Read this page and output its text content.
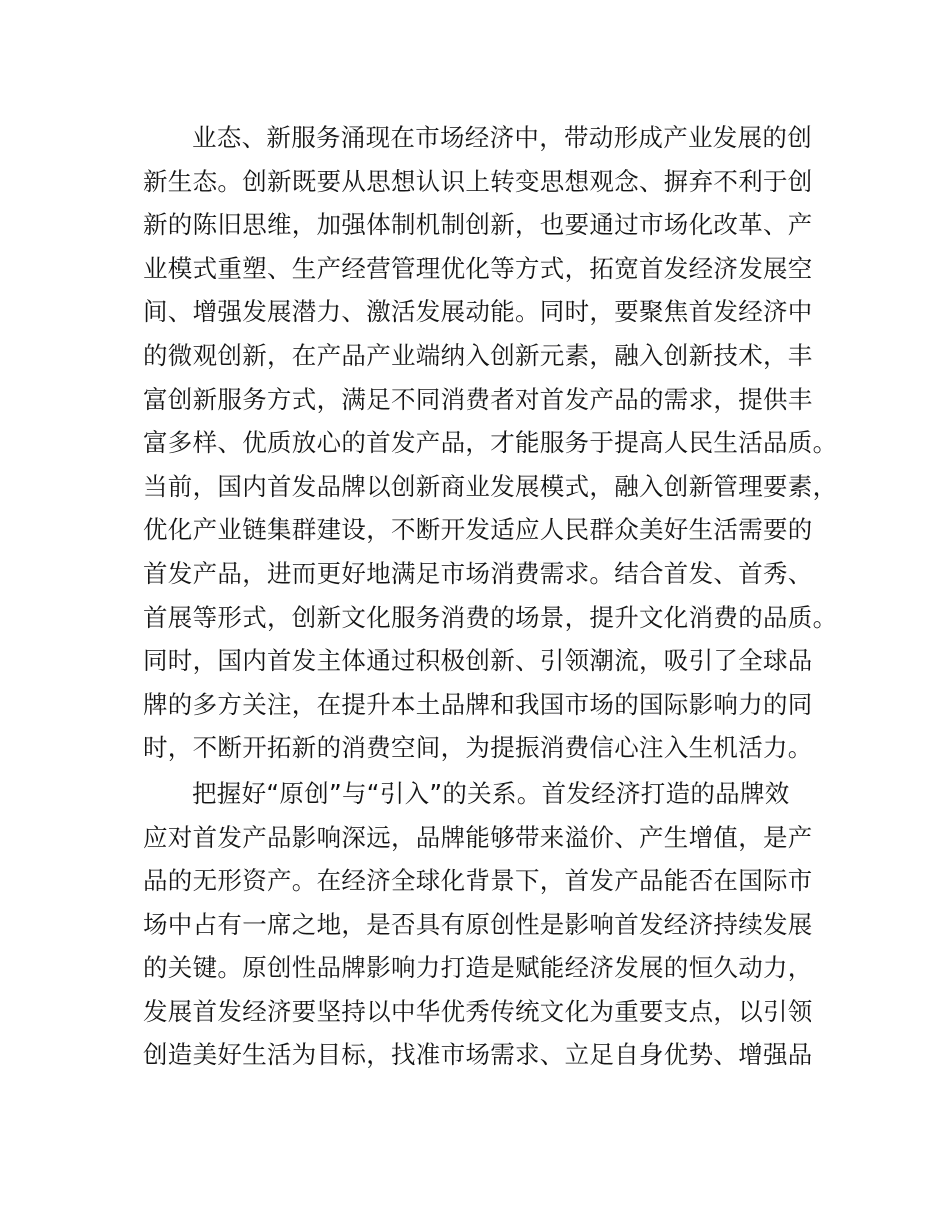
业态、新服务涌现在市场经济中，带动形成产业发展的创
新生态。创新既要从思想认识上转变思想观念、摒弃不利于创
新的陈旧思维，加强体制机制创新，也要通过市场化改革、产
业模式重塑、生产经营管理优化等方式，拓宽首发经济发展空
间、增强发展潜力、激活发展动能。同时，要聚焦首发经济中
的微观创新，在产品产业端纳入创新元素，融入创新技术，丰
富创新服务方式，满足不同消费者对首发产品的需求，提供丰
富多样、优质放心的首发产品，才能服务于提高人民生活品质。
当前，国内首发品牌以创新商业发展模式，融入创新管理要素，
优化产业链集群建设，不断开发适应人民群众美好生活需要的
首发产品，进而更好地满足市场消费需求。结合首发、首秀、
首展等形式，创新文化服务消费的场景，提升文化消费的品质。
同时，国内首发主体通过积极创新、引领潮流，吸引了全球品
牌的多方关注，在提升本土品牌和我国市场的国际影响力的同
时，不断开拓新的消费空间，为提振消费信心注入生机活力。
把握好“原创”与“引入”的关系。首发经济打造的品牌效
应对首发产品影响深远，品牌能够带来溢价、产生增值，是产
品的无形资产。在经济全球化背景下，首发产品能否在国际市
场中占有一席之地，是否具有原创性是影响首发经济持续发展
的关键。原创性品牌影响力打造是赋能经济发展的恒久动力，
发展首发经济要坚持以中华优秀传统文化为重要支点，以引领
创造美好生活为目标，找准市场需求、立足自身优势、增强品
